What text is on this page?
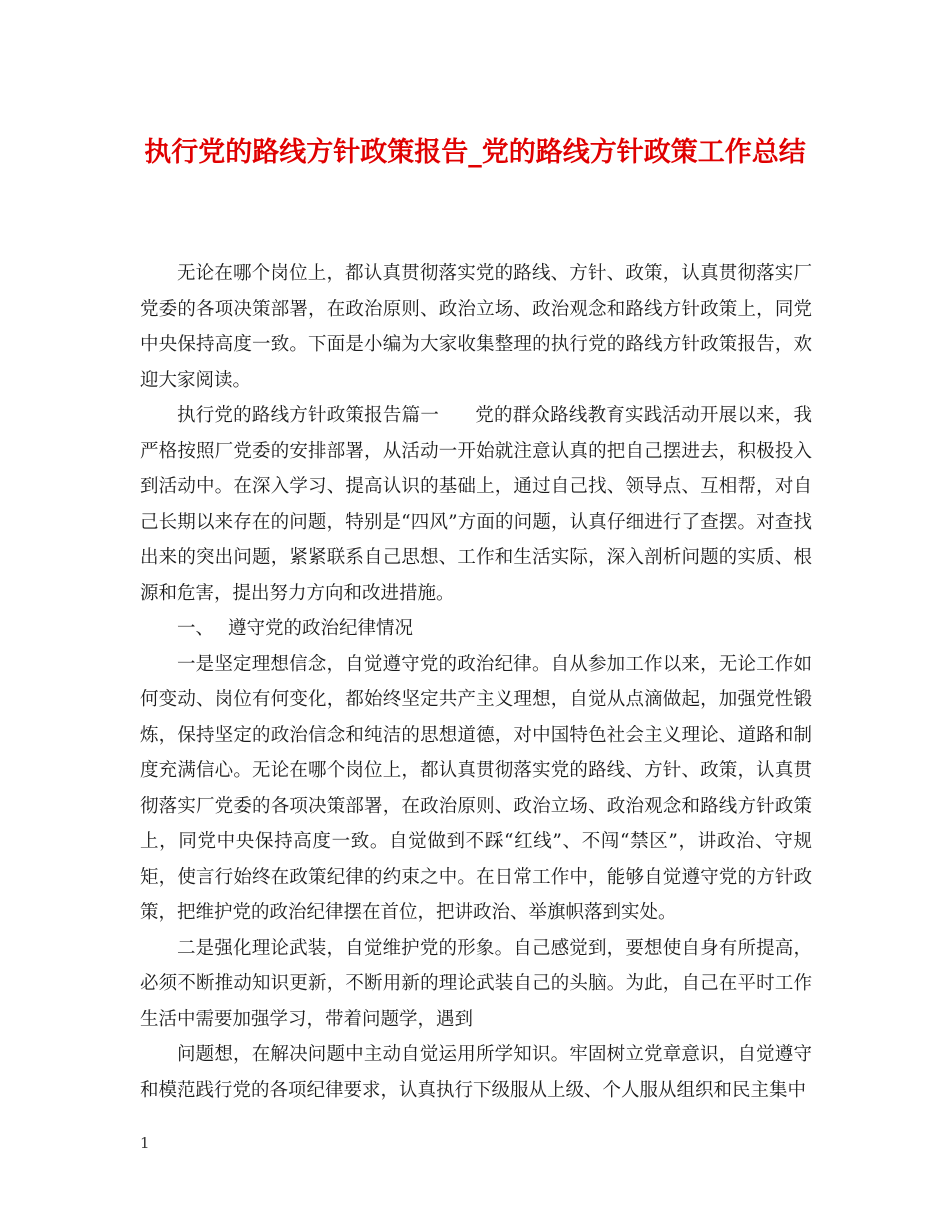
执行党的路线方针政策报告_党的路线方针政策工作总结

无论在哪个岗位上，都认真贯彻落实党的路线、方针、政策，认真贯彻落实厂党委的各项决策部署，在政治原则、政治立场、政治观念和路线方针政策上，同党中央保持高度一致。下面是小编为大家收集整理的执行党的路线方针政策报告，欢迎大家阅读。

执行党的路线方针政策报告篇一 党的群众路线教育实践活动开展以来，我严格按照厂党委的安排部署，从活动一开始就注意认真的把自己摆进去，积极投入到活动中。在深入学习、提高认识的基础上，通过自己找、领导点、互相帮，对自己长期以来存在的问题，特别是“四风”方面的问题，认真仔细进行了查摆。对查找出来的突出问题，紧紧联系自己思想、工作和生活实际，深入剖析问题的实质、根源和危害，提出努力方向和改进措施。

一、 遵守党的政治纪律情况

一是坚定理想信念，自觉遵守党的政治纪律。自从参加工作以来，无论工作如何变动、岗位有何变化，都始终坚定共产主义理想，自觉从点滴做起，加强党性锻炼，保持坚定的政治信念和纯洁的思想道德，对中国特色社会主义理论、道路和制度充满信心。无论在哪个岗位上，都认真贯彻落实党的路线、方针、政策，认真贯彻落实厂党委的各项决策部署，在政治原则、政治立场、政治观念和路线方针政策上，同党中央保持高度一致。自觉做到不踩“红线”、不闯“禁区”，讲政治、守规矩，使言行始终在政策纪律的约束之中。在日常工作中，能够自觉遵守党的方针政策，把维护党的政治纪律摆在首位，把讲政治、举旗帜落到实处。

二是强化理论武装，自觉维护党的形象。自己感觉到，要想使自身有所提高，必须不断推动知识更新，不断用新的理论武装自己的头脑。为此，自己在平时工作生活中需要加强学习，带着问题学，遇到

问题想，在解决问题中主动自觉运用所学知识。牢固树立党章意识，自觉遵守和模范践行党的各项纪律要求，认真执行下级服从上级、个人服从组织和民主集中

1
